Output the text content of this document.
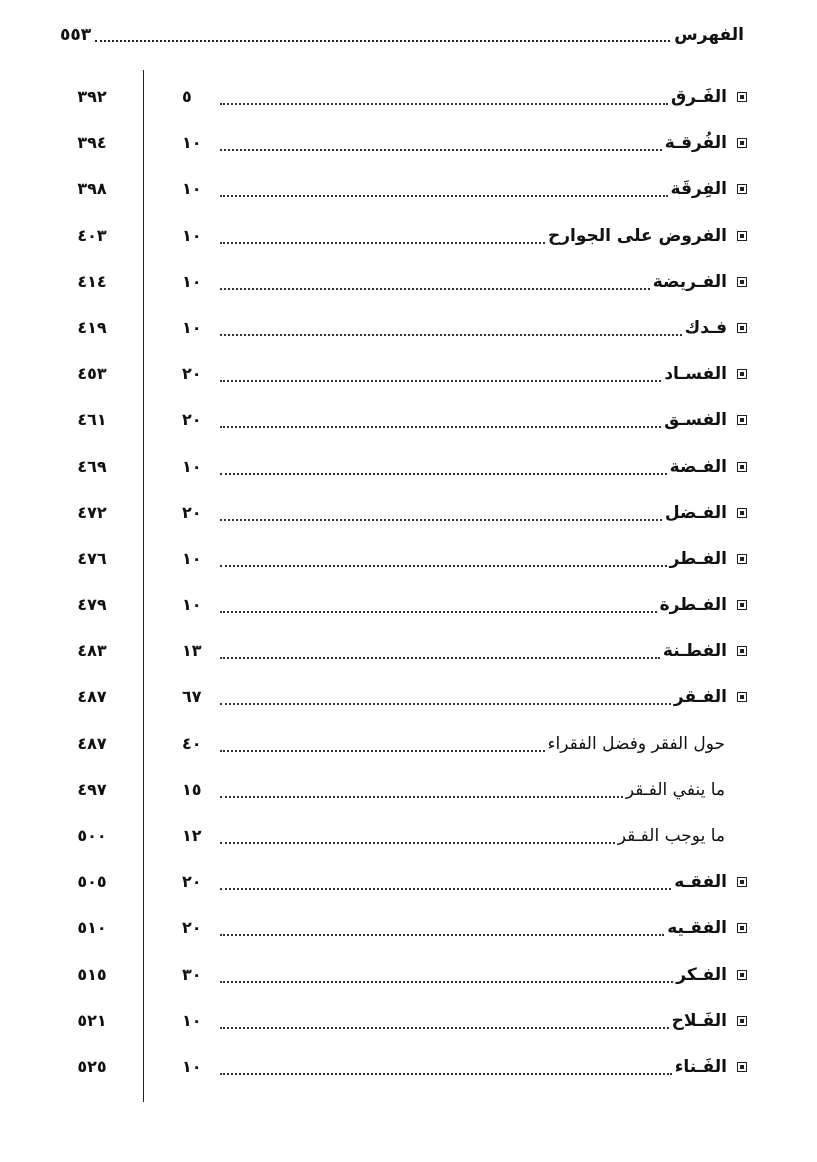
الفهرس
٥٥٣
الفَـرق
٥
٣٩٢
الفُرقـة
١٠
٣٩٤
الفِرقَة
١٠
٣٩٨
الفروض على الجوارح
١٠
٤٠٣
الفـريضة
١٠
٤١٤
فـدك
١٠
٤١٩
الفسـاد
٢٠
٤٥٣
الفسـق
٢٠
٤٦١
الفـضة
١٠
٤٦٩
الفـضل
٢٠
٤٧٢
الفـطر
١٠
٤٧٦
الفـطرة
١٠
٤٧٩
الفطـنة
١٣
٤٨٣
الفـقر
٦٧
٤٨٧
حول الفقر وفضل الفقراء
٤٠
٤٨٧
ما ينفي الفـقر
١٥
٤٩٧
ما يوجب الفـقر
١٢
٥٠٠
الفقـه
٢٠
٥٠٥
الفقـيه
٢٠
٥١٠
الفـكر
٣٠
٥١٥
الفَـلاح
١٠
٥٢١
الفَـناء
١٠
٥٢٥
